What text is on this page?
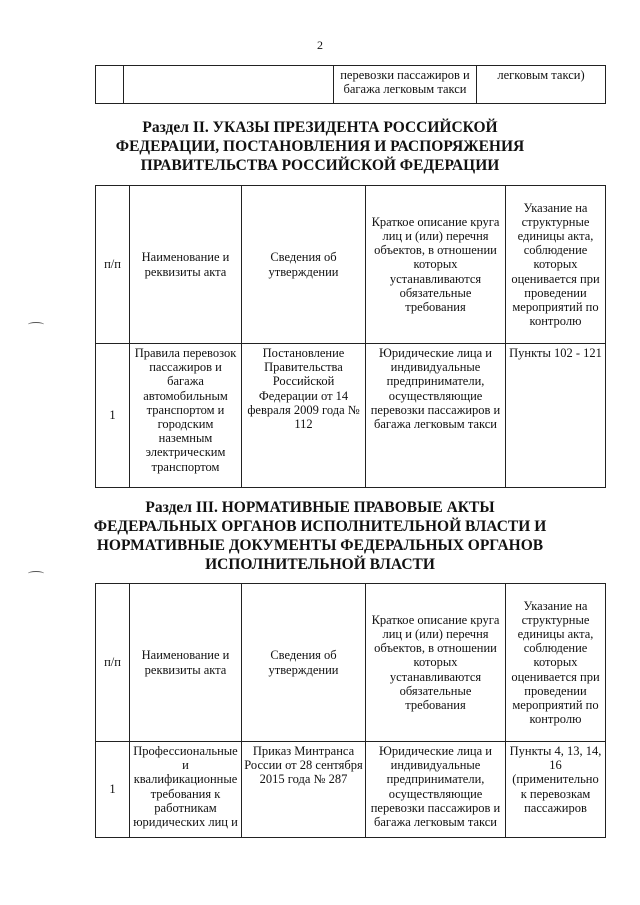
2
		перевозки пассажиров и багажа легковым такси	легковым такси)
Раздел II. УКАЗЫ ПРЕЗИДЕНТА РОССИЙСКОЙ
ФЕДЕРАЦИИ, ПОСТАНОВЛЕНИЯ И РАСПОРЯЖЕНИЯ
ПРАВИТЕЛЬСТВА РОССИЙСКОЙ ФЕДЕРАЦИИ
п/п	Наименование и реквизиты акта	Сведения об утверждении	Краткое описание круга лиц и (или) перечня объектов, в отношении которых устанавливаются обязательные требования	Указание на структурные единицы акта, соблюдение которых оценивается при проведении мероприятий по контролю
1	Правила перевозок пассажиров и багажа автомобильным транспортом и городским наземным электрическим транспортом	Постановление Правительства Российской Федерации от 14 февраля 2009 года № 112	Юридические лица и индивидуальные предприниматели, осуществляющие перевозки пассажиров и багажа легковым такси	Пункты 102 - 121
Раздел III. НОРМАТИВНЫЕ ПРАВОВЫЕ АКТЫ
ФЕДЕРАЛЬНЫХ ОРГАНОВ ИСПОЛНИТЕЛЬНОЙ ВЛАСТИ И
НОРМАТИВНЫЕ ДОКУМЕНТЫ ФЕДЕРАЛЬНЫХ ОРГАНОВ
ИСПОЛНИТЕЛЬНОЙ ВЛАСТИ
п/п	Наименование и реквизиты акта	Сведения об утверждении	Краткое описание круга лиц и (или) перечня объектов, в отношении которых устанавливаются обязательные требования	Указание на структурные единицы акта, соблюдение которых оценивается при проведении мероприятий по контролю
1	Профессиональные и квалификационные требования к работникам юридических лиц и	Приказ Минтранса России от 28 сентября 2015 года № 287	Юридические лица и индивидуальные предприниматели, осуществляющие перевозки пассажиров и багажа легковым такси	Пункты 4, 13, 14, 16 (применительно к перевозкам пассажиров
